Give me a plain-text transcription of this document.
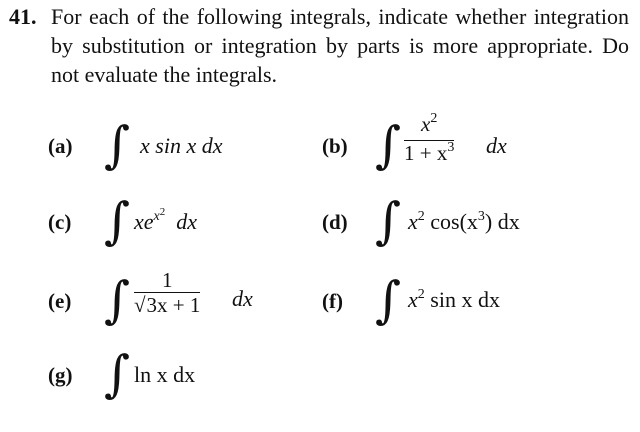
41. For each of the following integrals, indicate whether integration by substitution or integration by parts is more appropriate. Do not evaluate the integrals.
(a) ∫ x sin x dx	(b) ∫ $\frac{x^2}{1 + x^3}$ dx
(c) ∫ $xe^{x^2}$ dx	(d) ∫ $x^2$ $\cos(x^3)$ dx
(e) ∫ $\frac{1}{√3x + 1}$ dx	(f) ∫ $x^2$ sin x dx
(g) ∫ ln x dx
